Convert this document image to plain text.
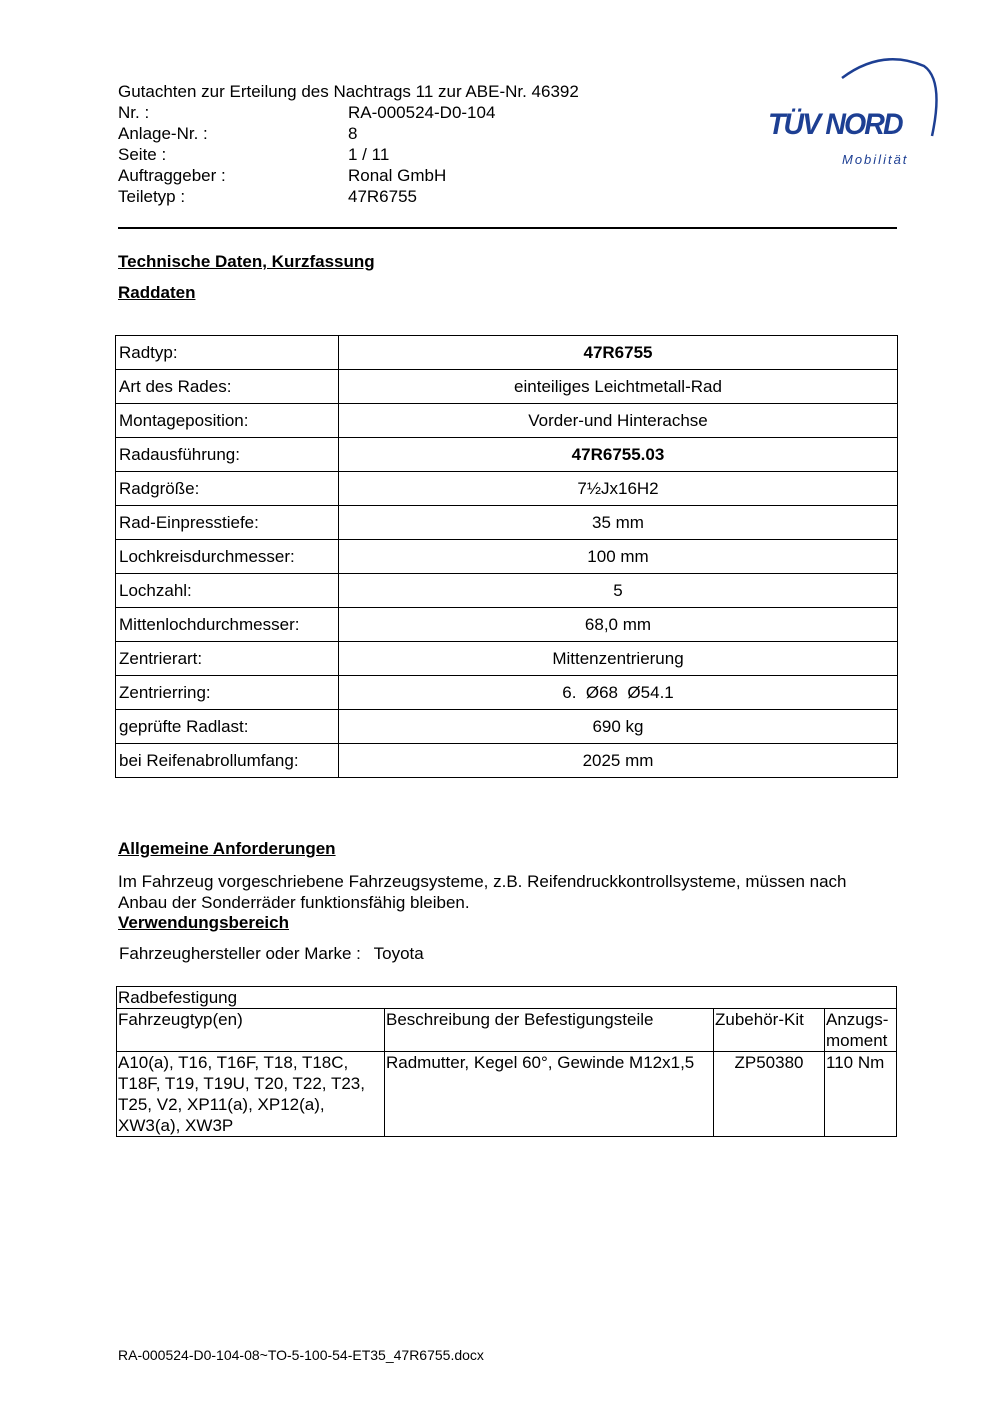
Gutachten zur Erteilung des Nachtrags 11 zur ABE-Nr. 46392
Nr. :	RA-000524-D0-104
Anlage-Nr. :	8
Seite :	1 / 11
Auftraggeber :	Ronal GmbH
Teiletyp :	47R6755
TÜV NORD
Mobilität
Technische Daten, Kurzfassung
Raddaten
Radtyp:	47R6755
Art des Rades:	einteiliges Leichtmetall-Rad
Montageposition:	Vorder-und Hinterachse
Radausführung:	47R6755.03
Radgröße:	7½Jx16H2
Rad-Einpresstiefe:	35 mm
Lochkreisdurchmesser:	100 mm
Lochzahl:	5
Mittenlochdurchmesser:	68,0 mm
Zentrierart:	Mittenzentrierung
Zentrierring:	6.  Ø68  Ø54.1
geprüfte Radlast:	690 kg
bei Reifenabrollumfang:	2025 mm
Allgemeine Anforderungen
Im Fahrzeug vorgeschriebene Fahrzeugsysteme, z.B. Reifendruckkontrollsysteme, müssen nach Anbau der Sonderräder funktionsfähig bleiben.
Verwendungsbereich
Fahrzeughersteller oder Marke : Toyota
Radbefestigung			
Fahrzeugtyp(en)	Beschreibung der Befestigungsteile	Zubehör-Kit	Anzugs-moment
A10(a), T16, T16F, T18, T18C, T18F, T19, T19U, T20, T22, T23, T25, V2, XP11(a), XP12(a), XW3(a), XW3P	Radmutter, Kegel 60°, Gewinde M12x1,5	ZP50380	110 Nm
RA-000524-D0-104-08~TO-5-100-54-ET35_47R6755.docx
